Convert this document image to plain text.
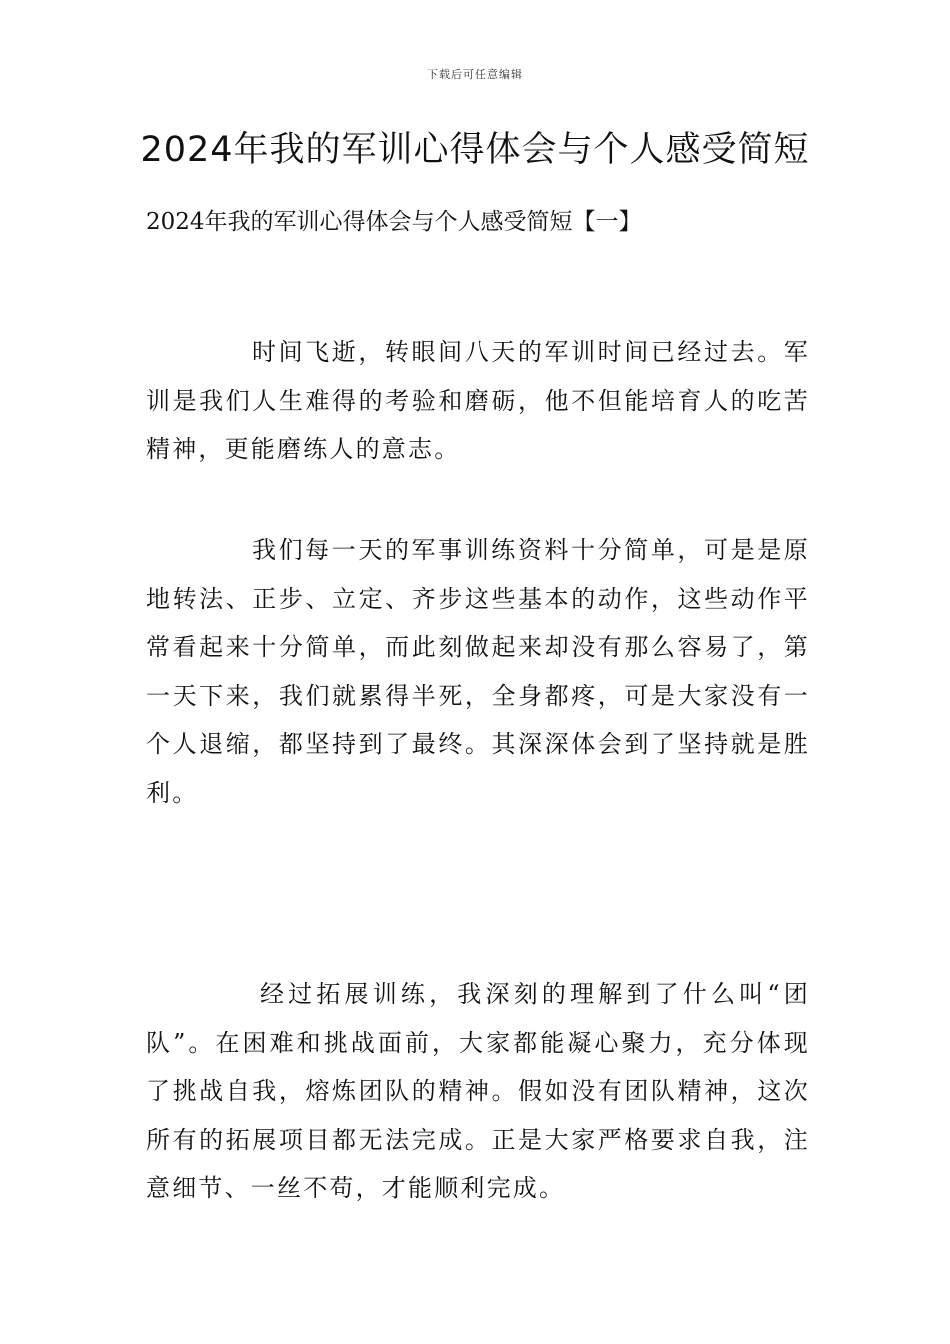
下载后可任意编辑
2024年我的军训心得体会与个人感受简短
2024年我的军训心得体会与个人感受简短【一】

时间飞逝，转眼间八天的军训时间已经过去。军训是我们人生难得的考验和磨砺，他不但能培育人的吃苦精神，更能磨练人的意志。

我们每一天的军事训练资料十分简单，可是是原地转法、正步、立定、齐步这些基本的动作，这些动作平常看起来十分简单，而此刻做起来却没有那么容易了，第一天下来，我们就累得半死，全身都疼，可是大家没有一个人退缩，都坚持到了最终。其深深体会到了坚持就是胜利。

经过拓展训练，我深刻的理解到了什么叫“团队”。在困难和挑战面前，大家都能凝心聚力，充分体现了挑战自我，熔炼团队的精神。假如没有团队精神，这次所有的拓展项目都无法完成。正是大家严格要求自我，注意细节、一丝不苟，才能顺利完成。
